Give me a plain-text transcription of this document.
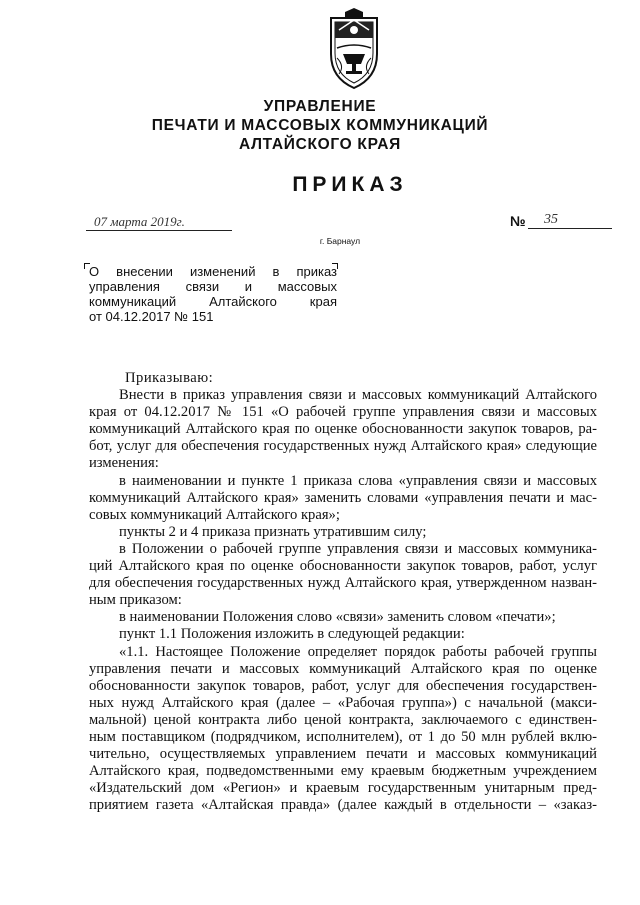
УПРАВЛЕНИЕ
ПЕЧАТИ И МАССОВЫХ КОММУНИКАЦИЙ
АЛТАЙСКОГО КРАЯ
ПРИКАЗ
07 марта 2019г.	№	35
г. Барнаул
О внесении изменений в приказ
управления связи и массовых
коммуникаций Алтайского края
от 04.12.2017 № 151

Приказываю:

Внести в приказ управления связи и массовых коммуникаций Алтайского
края от 04.12.2017 № 151 «О рабочей группе управления связи и массовых
коммуникаций Алтайского края по оценке обоснованности закупок товаров, ра-
бот, услуг для обеспечения государственных нужд Алтайского края» следующие
изменения:

в наименовании и пункте 1 приказа слова «управления связи и массовых
коммуникаций Алтайского края» заменить словами «управления печати и мас-
совых коммуникаций Алтайского края»;

пункты 2 и 4 приказа признать утратившим силу;

в Положении о рабочей группе управления связи и массовых коммуника-
ций Алтайского края по оценке обоснованности закупок товаров, работ, услуг
для обеспечения государственных нужд Алтайского края, утвержденном назван-
ным приказом:

в наименовании Положения слово «связи» заменить словом «печати»;

пункт 1.1 Положения изложить в следующей редакции:

«1.1. Настоящее Положение определяет порядок работы рабочей группы
управления печати и массовых коммуникаций Алтайского края по оценке
обоснованности закупок товаров, работ, услуг для обеспечения государствен-
ных нужд Алтайского края (далее – «Рабочая группа») с начальной (макси-
мальной) ценой контракта либо ценой контракта, заключаемого с единствен-
ным поставщиком (подрядчиком, исполнителем), от 1 до 50 млн рублей вклю-
чительно, осуществляемых управлением печати и массовых коммуникаций
Алтайского края, подведомственными ему краевым бюджетным учреждением
«Издательский дом «Регион» и краевым государственным унитарным пред-
приятием газета «Алтайская правда» (далее каждый в отдельности – «заказ-
